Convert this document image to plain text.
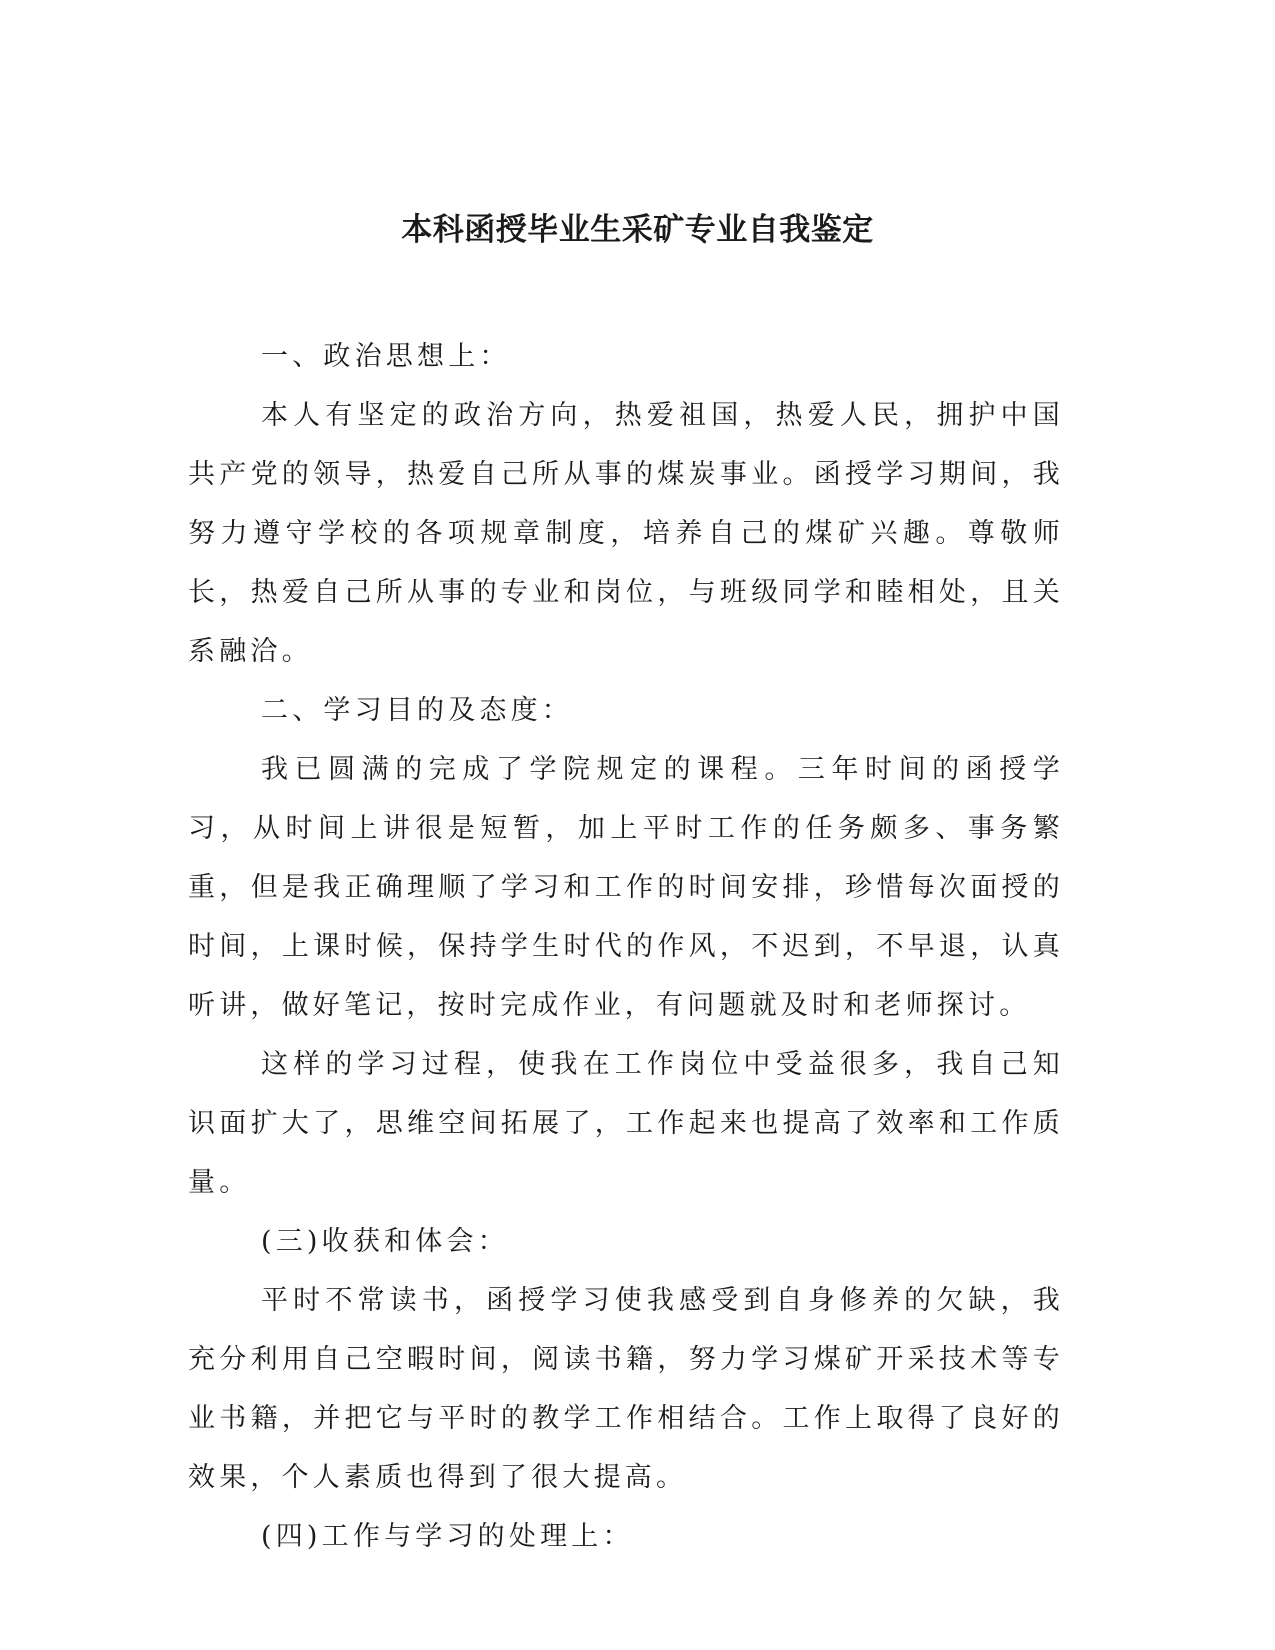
本科函授毕业生采矿专业自我鉴定

一、政治思想上：

本人有坚定的政治方向，热爱祖国，热爱人民，拥护中国共产党的领导，热爱自己所从事的煤炭事业。函授学习期间，我努力遵守学校的各项规章制度，培养自己的煤矿兴趣。尊敬师长，热爱自己所从事的专业和岗位，与班级同学和睦相处，且关系融洽。

二、学习目的及态度：

我已圆满的完成了学院规定的课程。三年时间的函授学习，从时间上讲很是短暂，加上平时工作的任务颇多、事务繁重，但是我正确理顺了学习和工作的时间安排，珍惜每次面授的时间，上课时候，保持学生时代的作风，不迟到，不早退，认真听讲，做好笔记，按时完成作业，有问题就及时和老师探讨。

这样的学习过程，使我在工作岗位中受益很多，我自己知识面扩大了，思维空间拓展了，工作起来也提高了效率和工作质量。

(三)收获和体会：

平时不常读书，函授学习使我感受到自身修养的欠缺，我充分利用自己空暇时间，阅读书籍，努力学习煤矿开采技术等专业书籍，并把它与平时的教学工作相结合。工作上取得了良好的效果，个人素质也得到了很大提高。

(四)工作与学习的处理上：
